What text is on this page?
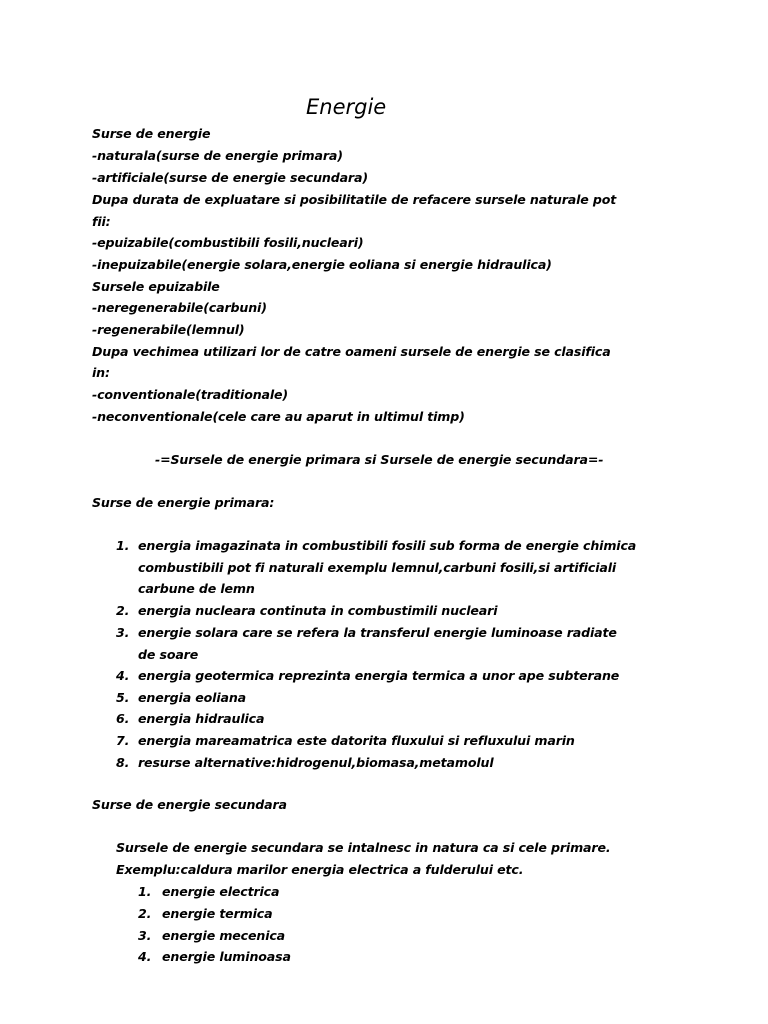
Energie
Surse de energie
-naturala(surse de energie primara)
-artificiale(surse de energie secundara)
Dupa durata de expluatare si posibilitatile de refacere sursele naturale pot
fii:
-epuizabile(combustibili fosili,nucleari)
-inepuizabile(energie solara,energie eoliana si energie hidraulica)
Sursele epuizabile
-neregenerabile(carbuni)
-regenerabile(lemnul)
Dupa vechimea utilizari lor de catre oameni sursele de energie se clasifica
in:
-conventionale(traditionale)
-neconventionale(cele care au aparut in ultimul timp)
-=Sursele de energie primara si Sursele de energie secundara=-
Surse de energie primara:
1. energia imagazinata in combustibili fosili sub forma de energie chimica
combustibili pot fi naturali exemplu lemnul,carbuni fosili,si artificiali
carbune de lemn
2. energia nucleara continuta in combustimili nucleari
3. energie solara care se refera la transferul energie luminoase radiate
de soare
4. energia geotermica reprezinta energia termica a unor ape subterane
5. energia eoliana
6. energia hidraulica
7. energia mareamatrica este datorita fluxului si refluxului marin
8. resurse alternative:hidrogenul,biomasa,metamolul
Surse de energie secundara
Sursele de energie secundara se intalnesc in natura ca si cele primare.
Exemplu:caldura marilor energia electrica a fulderului etc.
1. energie electrica
2. energie termica
3. energie mecenica
4. energie luminoasa
